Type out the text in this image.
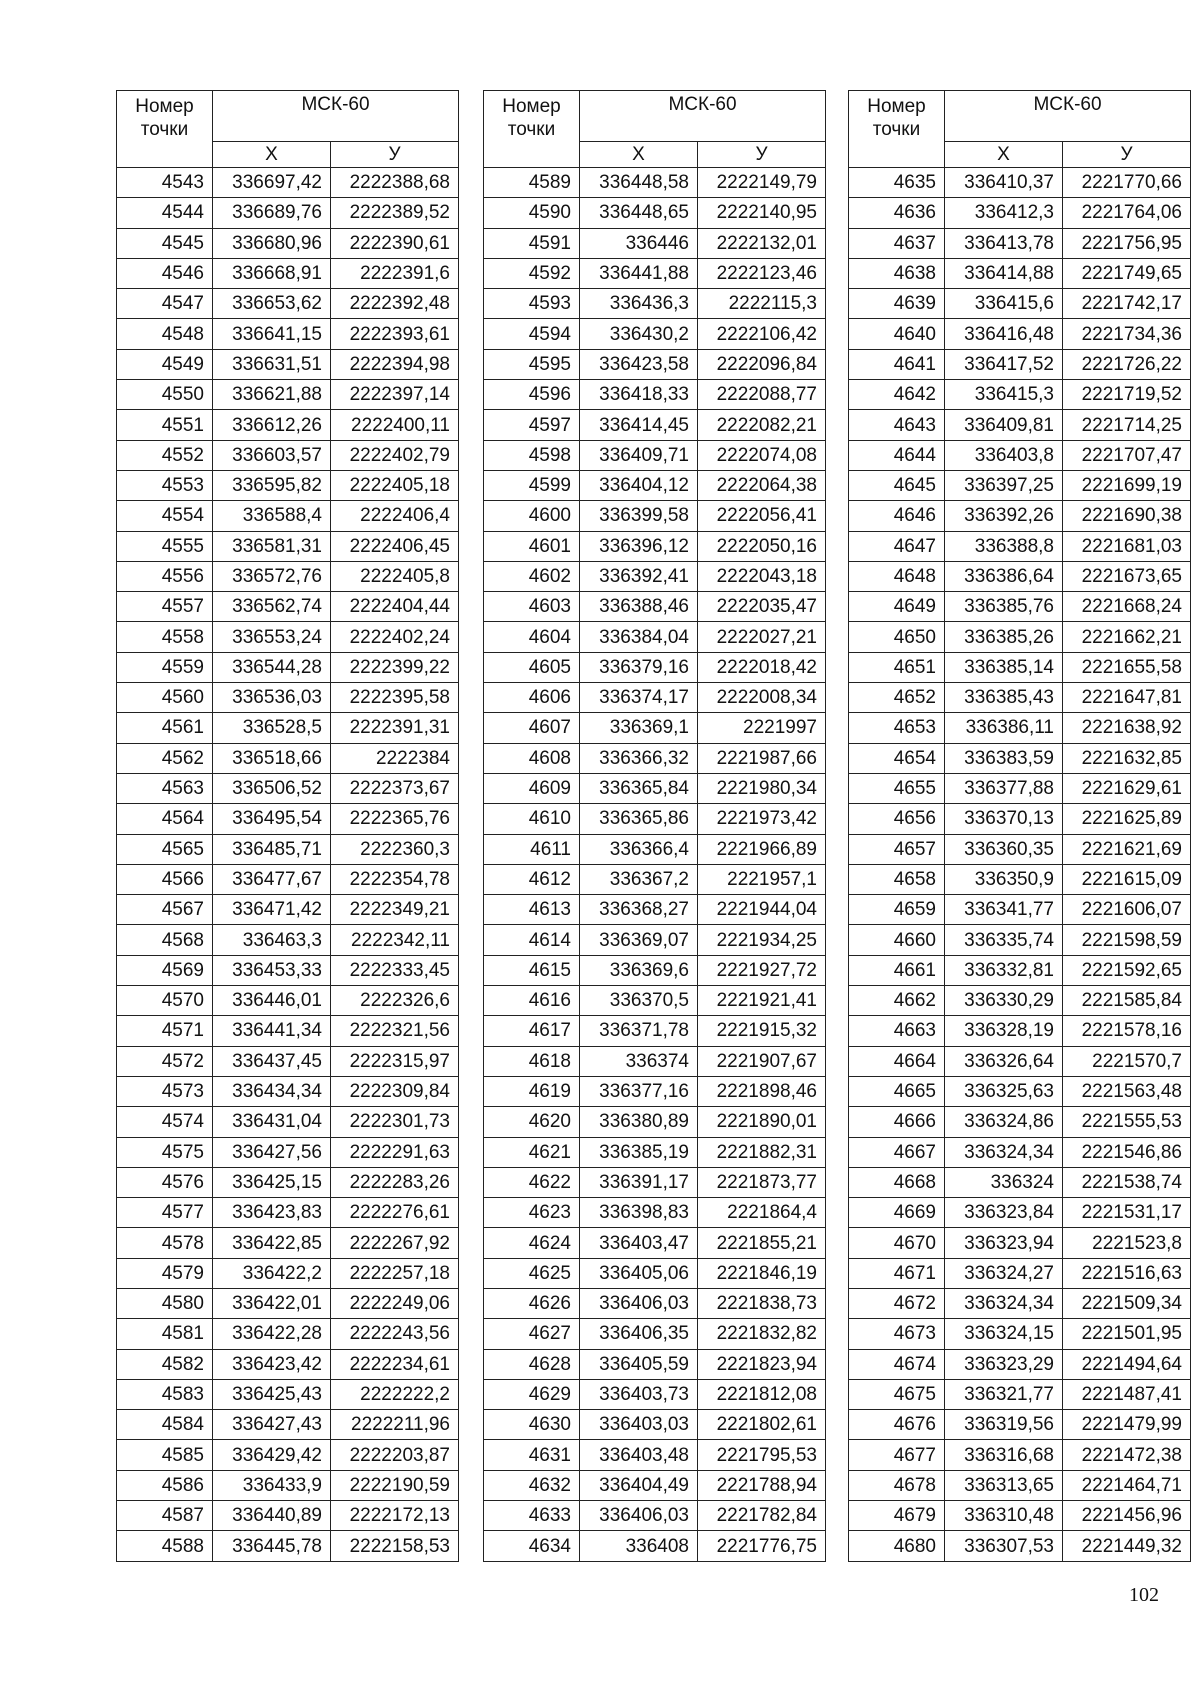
Номер
точки	МСК-60	
	X	У
4543	336697,42	2222388,68
4544	336689,76	2222389,52
4545	336680,96	2222390,61
4546	336668,91	2222391,6
4547	336653,62	2222392,48
4548	336641,15	2222393,61
4549	336631,51	2222394,98
4550	336621,88	2222397,14
4551	336612,26	2222400,11
4552	336603,57	2222402,79
4553	336595,82	2222405,18
4554	336588,4	2222406,4
4555	336581,31	2222406,45
4556	336572,76	2222405,8
4557	336562,74	2222404,44
4558	336553,24	2222402,24
4559	336544,28	2222399,22
4560	336536,03	2222395,58
4561	336528,5	2222391,31
4562	336518,66	2222384
4563	336506,52	2222373,67
4564	336495,54	2222365,76
4565	336485,71	2222360,3
4566	336477,67	2222354,78
4567	336471,42	2222349,21
4568	336463,3	2222342,11
4569	336453,33	2222333,45
4570	336446,01	2222326,6
4571	336441,34	2222321,56
4572	336437,45	2222315,97
4573	336434,34	2222309,84
4574	336431,04	2222301,73
4575	336427,56	2222291,63
4576	336425,15	2222283,26
4577	336423,83	2222276,61
4578	336422,85	2222267,92
4579	336422,2	2222257,18
4580	336422,01	2222249,06
4581	336422,28	2222243,56
4582	336423,42	2222234,61
4583	336425,43	2222222,2
4584	336427,43	2222211,96
4585	336429,42	2222203,87
4586	336433,9	2222190,59
4587	336440,89	2222172,13
4588	336445,78	2222158,53
Номер
точки	МСК-60	
	X	У
4589	336448,58	2222149,79
4590	336448,65	2222140,95
4591	336446	2222132,01
4592	336441,88	2222123,46
4593	336436,3	2222115,3
4594	336430,2	2222106,42
4595	336423,58	2222096,84
4596	336418,33	2222088,77
4597	336414,45	2222082,21
4598	336409,71	2222074,08
4599	336404,12	2222064,38
4600	336399,58	2222056,41
4601	336396,12	2222050,16
4602	336392,41	2222043,18
4603	336388,46	2222035,47
4604	336384,04	2222027,21
4605	336379,16	2222018,42
4606	336374,17	2222008,34
4607	336369,1	2221997
4608	336366,32	2221987,66
4609	336365,84	2221980,34
4610	336365,86	2221973,42
4611	336366,4	2221966,89
4612	336367,2	2221957,1
4613	336368,27	2221944,04
4614	336369,07	2221934,25
4615	336369,6	2221927,72
4616	336370,5	2221921,41
4617	336371,78	2221915,32
4618	336374	2221907,67
4619	336377,16	2221898,46
4620	336380,89	2221890,01
4621	336385,19	2221882,31
4622	336391,17	2221873,77
4623	336398,83	2221864,4
4624	336403,47	2221855,21
4625	336405,06	2221846,19
4626	336406,03	2221838,73
4627	336406,35	2221832,82
4628	336405,59	2221823,94
4629	336403,73	2221812,08
4630	336403,03	2221802,61
4631	336403,48	2221795,53
4632	336404,49	2221788,94
4633	336406,03	2221782,84
4634	336408	2221776,75
Номер
точки	МСК-60	
	X	У
4635	336410,37	2221770,66
4636	336412,3	2221764,06
4637	336413,78	2221756,95
4638	336414,88	2221749,65
4639	336415,6	2221742,17
4640	336416,48	2221734,36
4641	336417,52	2221726,22
4642	336415,3	2221719,52
4643	336409,81	2221714,25
4644	336403,8	2221707,47
4645	336397,25	2221699,19
4646	336392,26	2221690,38
4647	336388,8	2221681,03
4648	336386,64	2221673,65
4649	336385,76	2221668,24
4650	336385,26	2221662,21
4651	336385,14	2221655,58
4652	336385,43	2221647,81
4653	336386,11	2221638,92
4654	336383,59	2221632,85
4655	336377,88	2221629,61
4656	336370,13	2221625,89
4657	336360,35	2221621,69
4658	336350,9	2221615,09
4659	336341,77	2221606,07
4660	336335,74	2221598,59
4661	336332,81	2221592,65
4662	336330,29	2221585,84
4663	336328,19	2221578,16
4664	336326,64	2221570,7
4665	336325,63	2221563,48
4666	336324,86	2221555,53
4667	336324,34	2221546,86
4668	336324	2221538,74
4669	336323,84	2221531,17
4670	336323,94	2221523,8
4671	336324,27	2221516,63
4672	336324,34	2221509,34
4673	336324,15	2221501,95
4674	336323,29	2221494,64
4675	336321,77	2221487,41
4676	336319,56	2221479,99
4677	336316,68	2221472,38
4678	336313,65	2221464,71
4679	336310,48	2221456,96
4680	336307,53	2221449,32
102
